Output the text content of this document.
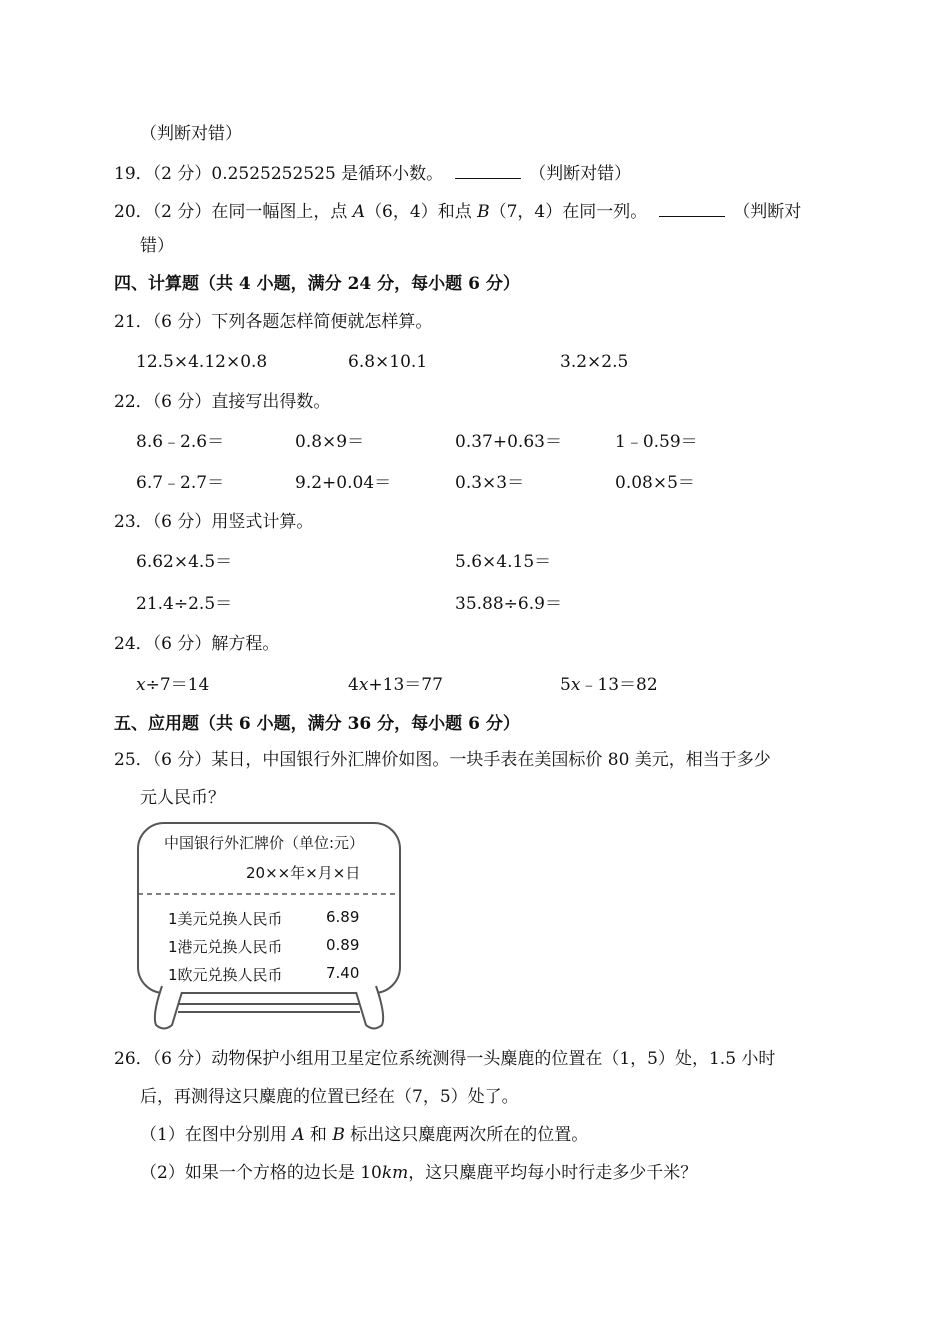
（判断对错）
19．（2 分）0.2525252525 是循环小数。	（判断对错）
20．（2 分）在同一幅图上，点 A（6，4）和点 B（7，4）在同一列。	（判断对
错）
四、计算题（共 4 小题，满分 24 分，每小题 6 分）
21．（6 分）下列各题怎样简便就怎样算。
12.5×4.12×0.8	6.8×10.1	3.2×2.5
22．（6 分）直接写出得数。
8.6﹣2.6＝	0.8×9＝	0.37+0.63＝	1﹣0.59＝
6.7﹣2.7＝	9.2+0.04＝	0.3×3＝	0.08×5＝
23．（6 分）用竖式计算。
6.62×4.5＝	5.6×4.15＝
21.4÷2.5＝	35.88÷6.9＝
24．（6 分）解方程。
x÷7＝14	4x+13＝77	5x﹣13＝82
五、应用题（共 6 小题，满分 36 分，每小题 6 分）
25．（6 分）某日，中国银行外汇牌价如图。一块手表在美国标价 80 美元，相当于多少
元人民币？
中国银行外汇牌价（单位:元）
20××年×月×日
1美元兑换人民币	6.89
1港元兑换人民币	0.89
1欧元兑换人民币	7.40
26．（6 分）动物保护小组用卫星定位系统测得一头麋鹿的位置在（1，5）处，1.5 小时
后，再测得这只麋鹿的位置已经在（7，5）处了。
（1）在图中分别用 A 和 B 标出这只麋鹿两次所在的位置。
（2）如果一个方格的边长是 10km，这只麋鹿平均每小时行走多少千米？
